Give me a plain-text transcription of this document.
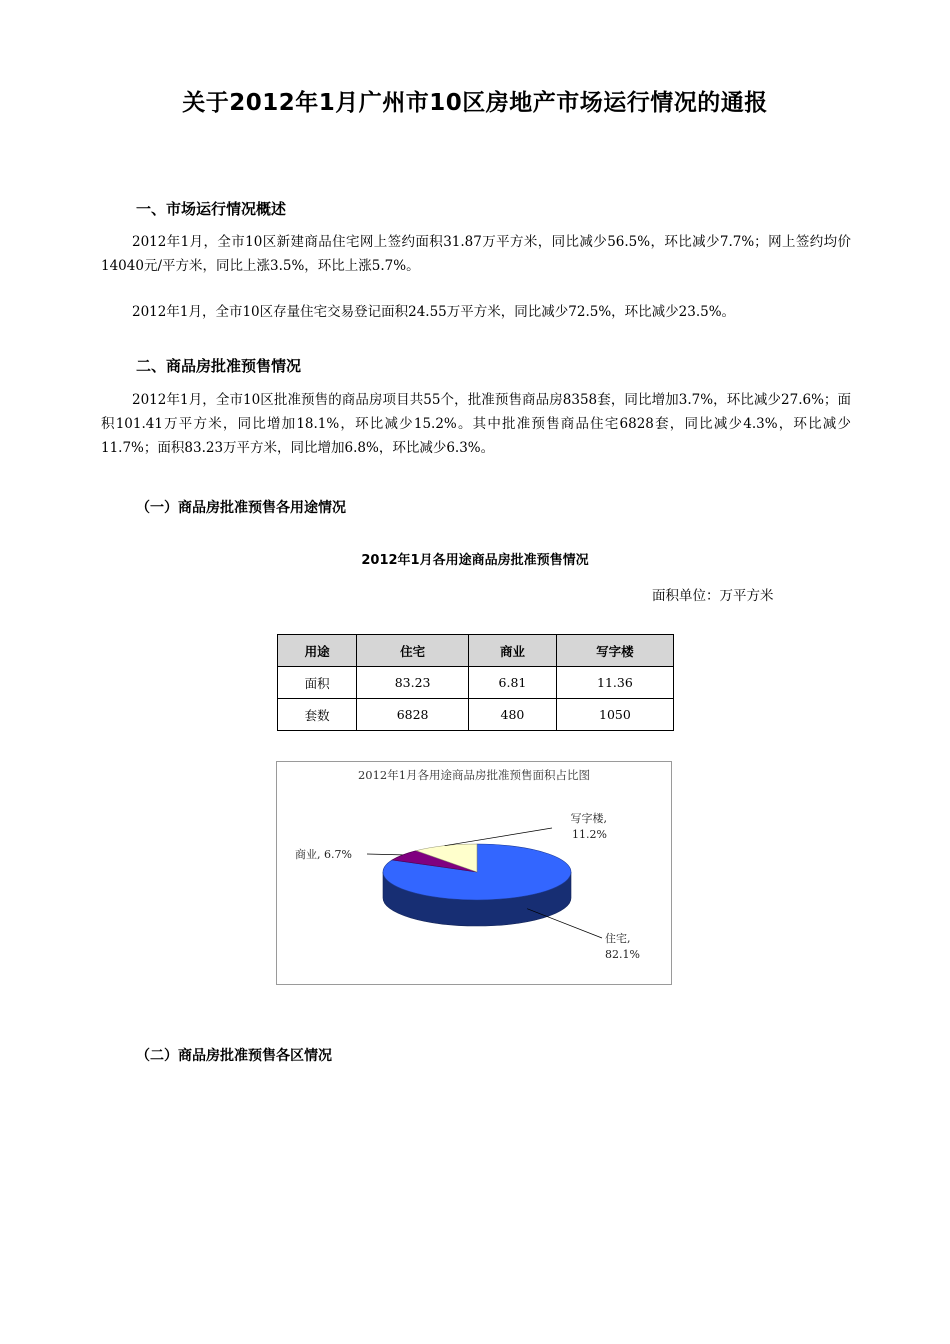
关于2012年1月广州市10区房地产市场运行情况的通报
一、市场运行情况概述
2012年1月，全市10区新建商品住宅网上签约面积31.87万平方米，同比减少56.5%，环比减少7.7%；网上签约均价14040元/平方米，同比上涨3.5%，环比上涨5.7%。
2012年1月，全市10区存量住宅交易登记面积24.55万平方米，同比减少72.5%，环比减少23.5%。
二、商品房批准预售情况
2012年1月，全市10区批准预售的商品房项目共55个，批准预售商品房8358套，同比增加3.7%，环比减少27.6%；面积101.41万平方米，同比增加18.1%，环比减少15.2%。其中批准预售商品住宅6828套，同比减少4.3%，环比减少11.7%；面积83.23万平方米，同比增加6.8%，环比减少6.3%。
（一）商品房批准预售各用途情况
2012年1月各用途商品房批准预售情况
面积单位：万平方米
用途	住宅	商业	写字楼
面积	83.23	6.81	11.36
套数	6828	480	1050
2012年1月各用途商品房批准预售面积占比图
住宅, 82.1%
商业, 6.7%
写字楼, 11.2%
（二）商品房批准预售各区情况
